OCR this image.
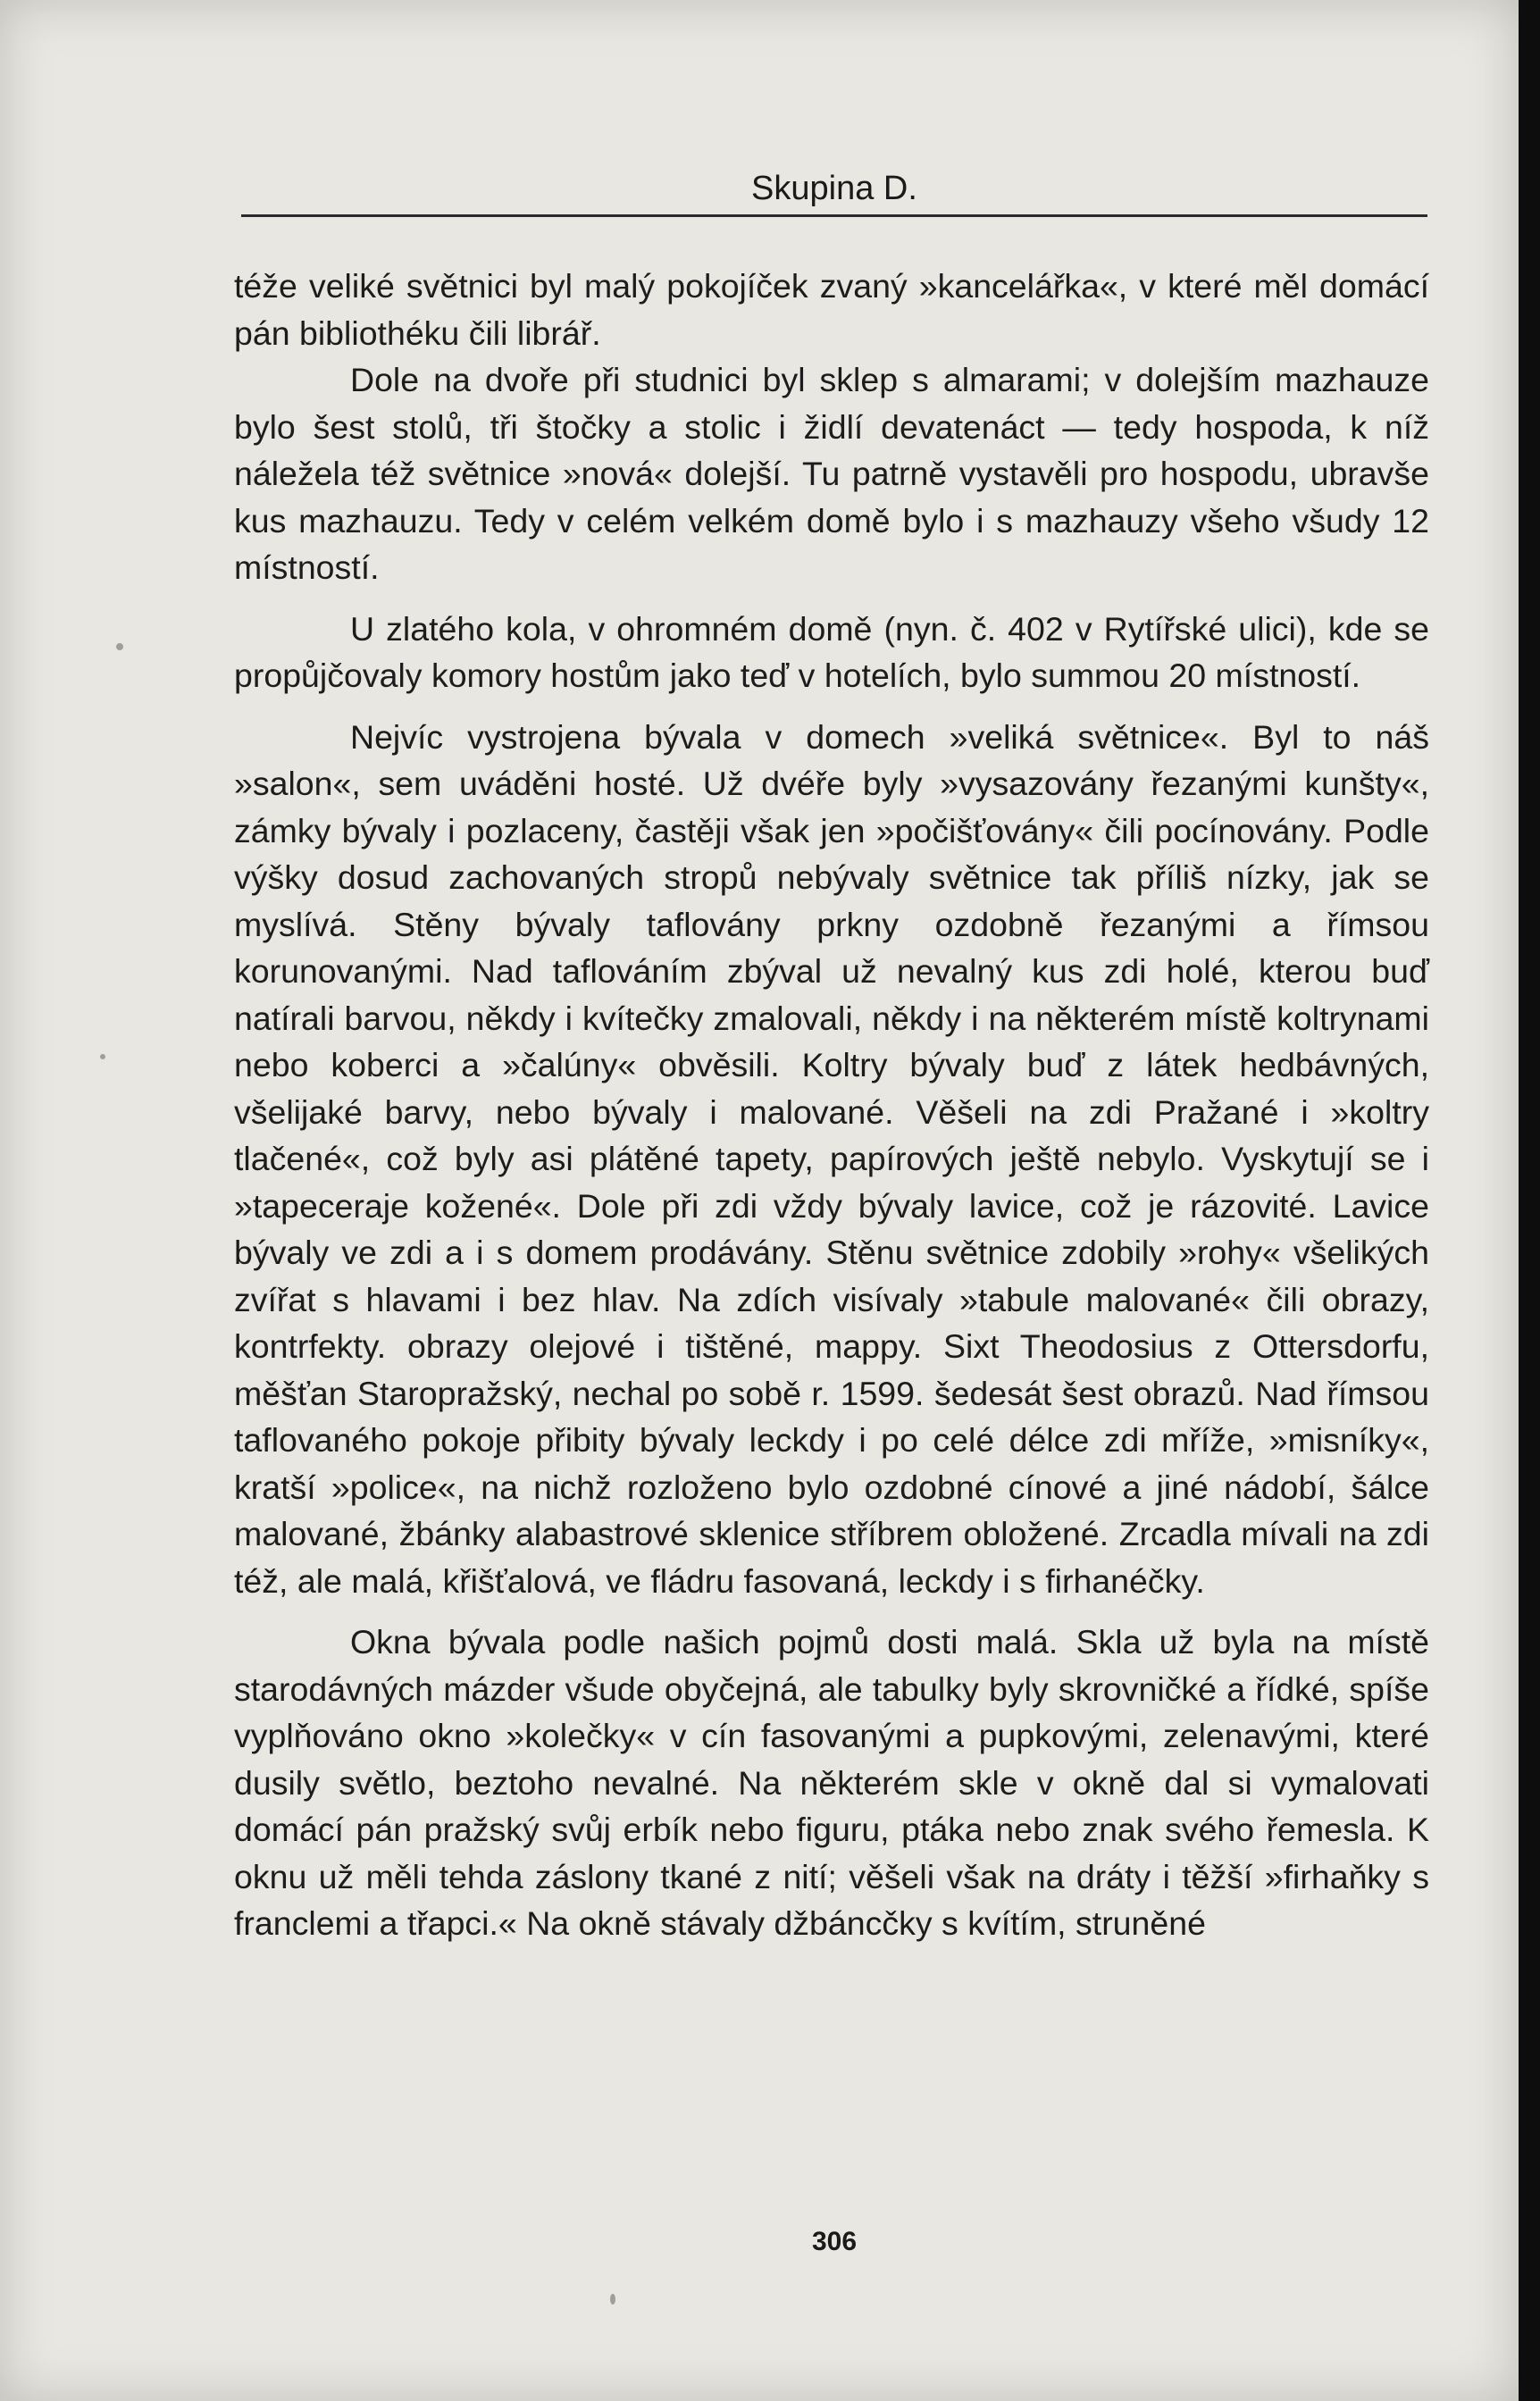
Skupina D.

téže veliké světnici byl malý pokojíček zvaný »kancelářka«, v které měl domácí pán bibliothéku čili librář.

Dole na dvoře při studnici byl sklep s almarami; v dolejším mazhauze bylo šest stolů, tři štočky a stolic i židlí devatenáct — tedy hospoda, k níž náležela též světnice »nová« dolejší. Tu patrně vystavěli pro hospodu, ubravše kus mazhauzu. Tedy v celém velkém domě bylo i s mazhauzy všeho všudy 12 místností.

U zlatého kola, v ohromném domě (nyn. č. 402 v Rytířské ulici), kde se propůjčovaly komory hostům jako teď v hotelích, bylo summou 20 místností.

Nejvíc vystrojena bývala v domech »veliká světnice«. Byl to náš »salon«, sem uváděni hosté. Už dvéře byly »vysazovány řezanými kunšty«, zámky bývaly i pozlaceny, častěji však jen »počišťovány« čili pocínovány. Podle výšky dosud zachovaných stropů nebývaly světnice tak příliš nízky, jak se myslívá. Stěny bývaly taflovány prkny ozdobně řezanými a římsou korunovanými. Nad taflováním zbýval už nevalný kus zdi holé, kterou buď natírali barvou, někdy i kvítečky zmalovali, někdy i na některém místě koltrynami nebo koberci a »čalúny« obvěsili. Koltry bývaly buď z látek hedbávných, všelijaké barvy, nebo bývaly i malované. Věšeli na zdi Pražané i »koltry tlačené«, což byly asi plátěné tapety, papírových ještě nebylo. Vyskytují se i »tapeceraje kožené«. Dole při zdi vždy bývaly lavice, což je rázovité. Lavice bývaly ve zdi a i s domem prodávány. Stěnu světnice zdobily »rohy« všelikých zvířat s hlavami i bez hlav. Na zdích visívaly »tabule malované« čili obrazy, kontrfekty. obrazy olejové i tištěné, mappy. Sixt Theodosius z Ottersdorfu, měšťan Staropražský, nechal po sobě r. 1599. šedesát šest obrazů. Nad římsou taflovaného pokoje přibity bývaly leckdy i po celé délce zdi mříže, »misníky«, kratší »police«, na nichž rozloženo bylo ozdobné cínové a jiné nádobí, šálce malované, žbánky alabastrové sklenice stříbrem obložené. Zrcadla mívali na zdi též, ale malá, křišťalová, ve fládru fasovaná, leckdy i s firhanéčky.

Okna bývala podle našich pojmů dosti malá. Skla už byla na místě starodávných mázder všude obyčejná, ale tabulky byly skrovničké a řídké, spíše vyplňováno okno »kolečky« v cín fasovanými a pupkovými, zelenavými, které dusily světlo, beztoho nevalné. Na některém skle v okně dal si vymalovati domácí pán pražský svůj erbík nebo figuru, ptáka nebo znak svého řemesla. K oknu už měli tehda záslony tkané z nití; věšeli však na dráty i těžší »firhaňky s franclemi a třapci.« Na okně stávaly džbáncčky s kvítím, struněné

306
